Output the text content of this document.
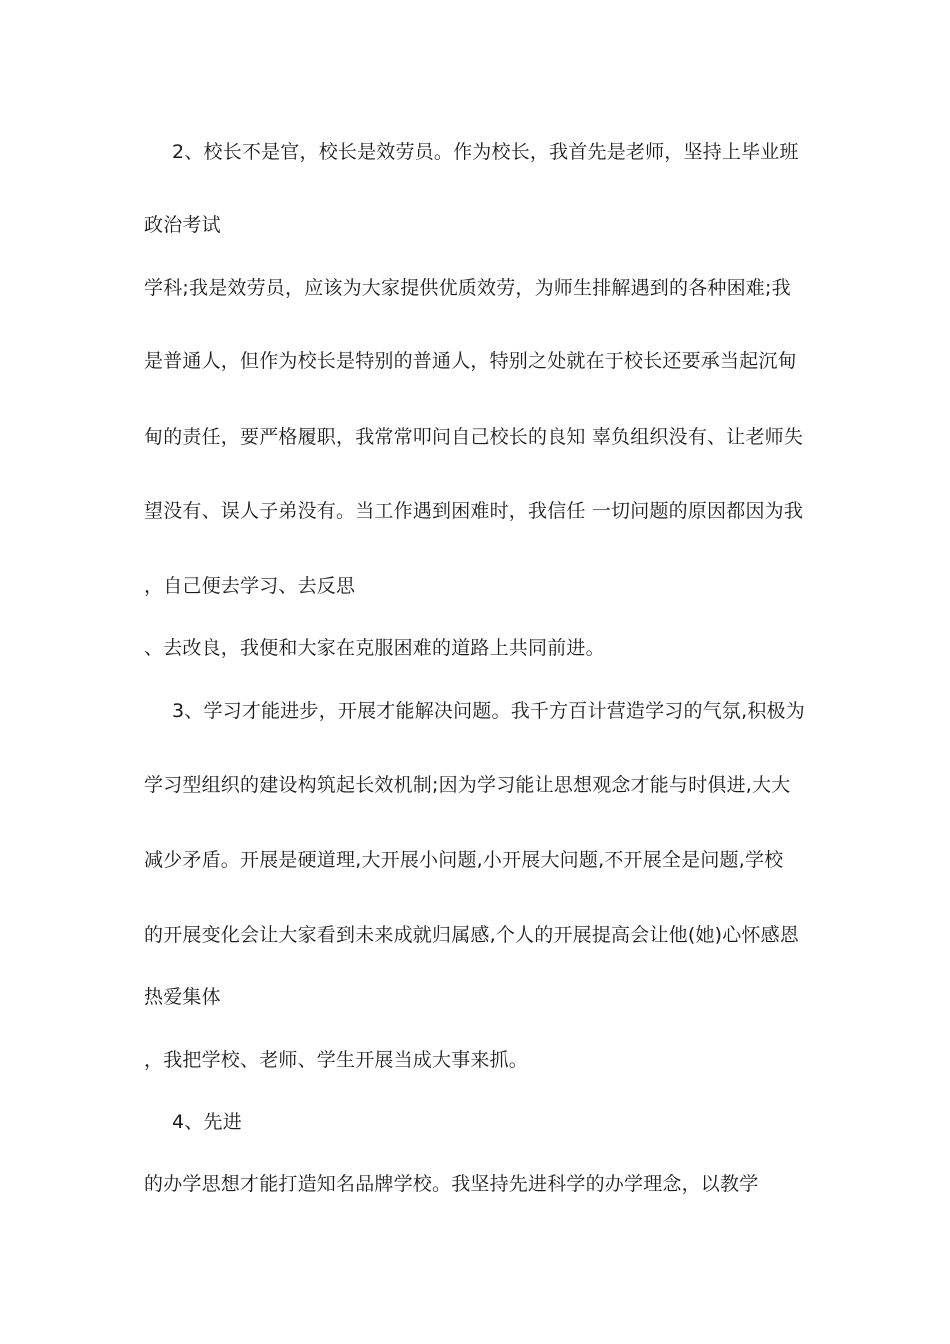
2、校长不是官，校长是效劳员。作为校长，我首先是老师，坚持上毕业班
政治考试
学科;我是效劳员，应该为大家提供优质效劳，为师生排解遇到的各种困难;我
是普通人，但作为校长是特别的普通人，特别之处就在于校长还要承当起沉甸
甸的责任，要严格履职，我常常叩问自己校长的良知 辜负组织没有、让老师失
望没有、误人子弟没有。当工作遇到困难时，我信任 一切问题的原因都因为我
，自己便去学习、去反思
、去改良，我便和大家在克服困难的道路上共同前进。
3、学习才能进步，开展才能解决问题。我千方百计营造学习的气氛,积极为
学习型组织的建设构筑起长效机制;因为学习能让思想观念才能与时俱进,大大
减少矛盾。开展是硬道理,大开展小问题,小开展大问题,不开展全是问题,学校
的开展变化会让大家看到未来成就归属感,个人的开展提高会让他(她)心怀感恩
热爱集体
，我把学校、老师、学生开展当成大事来抓。
4、先进
的办学思想才能打造知名品牌学校。我坚持先进科学的办学理念，以教学
